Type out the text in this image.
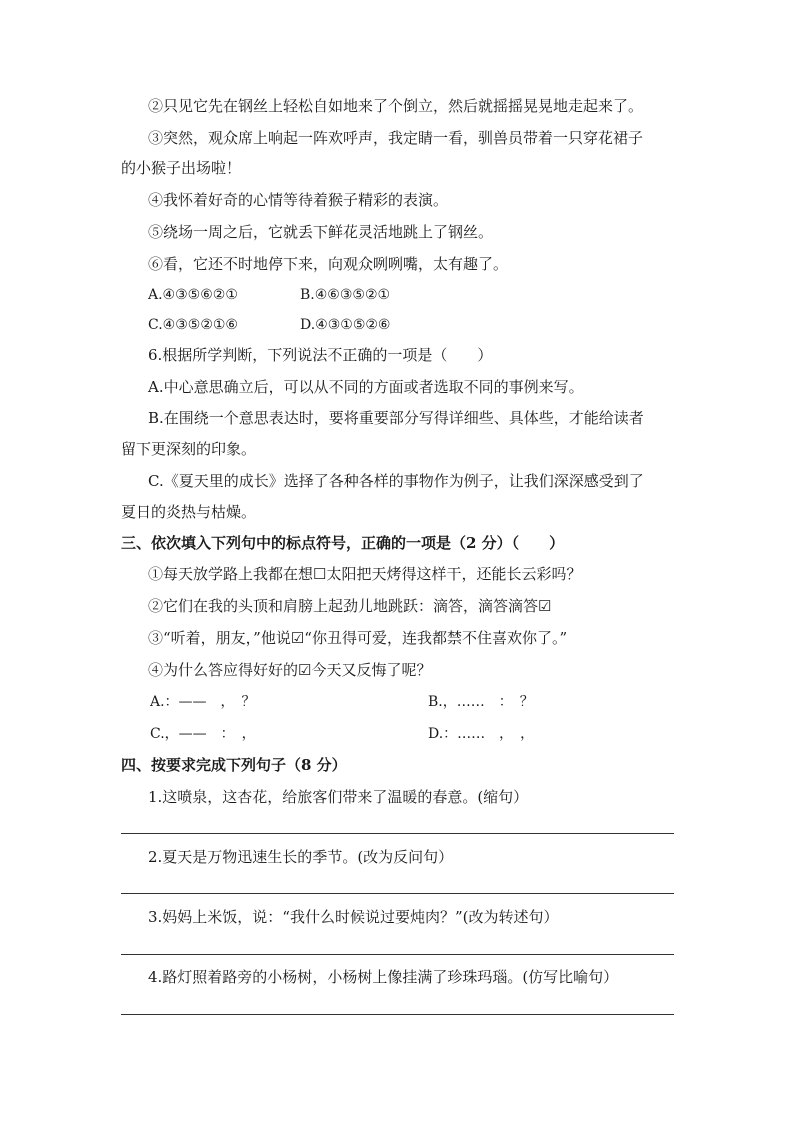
②只见它先在钢丝上轻松自如地来了个倒立，然后就摇摇晃晃地走起来了。
③突然，观众席上响起一阵欢呼声，我定睛一看，驯兽员带着一只穿花裙子
的小猴子出场啦！
④我怀着好奇的心情等待着猴子精彩的表演。
⑤绕场一周之后，它就丢下鲜花灵活地跳上了钢丝。
⑥看，它还不时地停下来，向观众咧咧嘴，太有趣了。
A.④③⑤⑥②①	B.④⑥③⑤②①
C.④③⑤②①⑥	D.④③①⑤②⑥
6.根据所学判断，下列说法不正确的一项是（　　）
A.中心意思确立后，可以从不同的方面或者选取不同的事例来写。
B.在围绕一个意思表达时，要将重要部分写得详细些、具体些，才能给读者
留下更深刻的印象。
C.《夏天里的成长》选择了各种各样的事物作为例子，让我们深深感受到了
夏日的炎热与枯燥。
三、依次填入下列句中的标点符号，正确的一项是（2 分）（　　）
①每天放学路上我都在想☐太阳把天烤得这样干，还能长云彩吗？
②它们在我的头顶和肩膀上起劲儿地跳跃：滴答，滴答滴答☑
③“听着，朋友，”他说☑“你丑得可爱，连我都禁不住喜欢你了。”
④为什么答应得好好的☑今天又反悔了呢？
A.：——　，　？	B.，……　：　？
C.，——　：　，	D.：……　，　，
四、按要求完成下列句子（8 分）
1.这喷泉，这杏花，给旅客们带来了温暖的春意。(缩句）
2.夏天是万物迅速生长的季节。(改为反问句）
3.妈妈上米饭，说：“我什么时候说过要炖肉？”(改为转述句）
4.路灯照着路旁的小杨树，小杨树上像挂满了珍珠玛瑙。(仿写比喻句）
